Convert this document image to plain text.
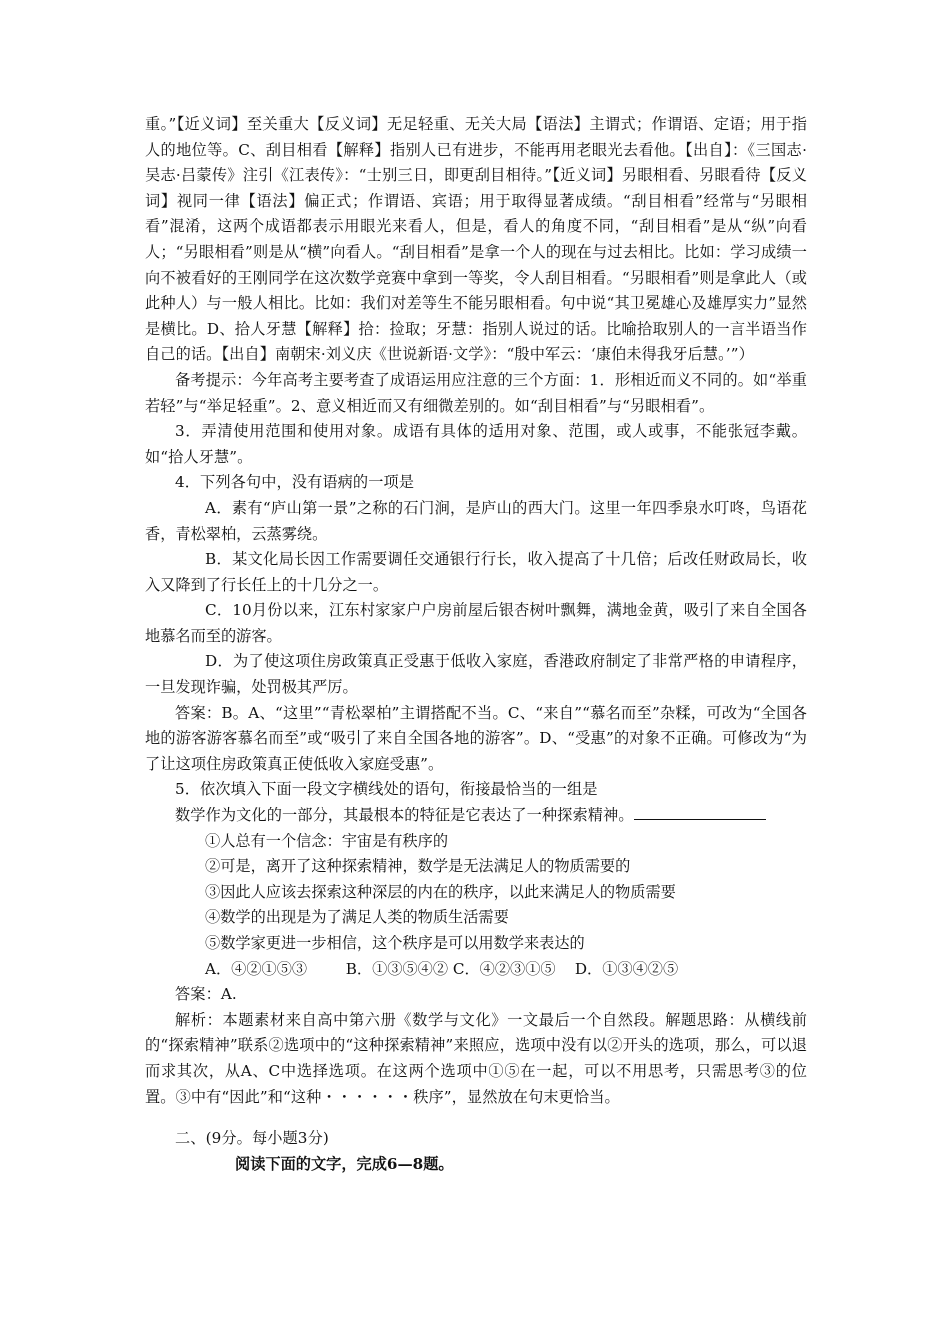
重。”【近义词】至关重大【反义词】无足轻重、无关大局【语法】主谓式；作谓语、定语；用于指人的地位等。C、刮目相看【解释】指别人已有进步，不能再用老眼光去看他。【出自】：《三国志·吴志·吕蒙传》注引《江表传》：“士别三日，即更刮目相待。”【近义词】另眼相看、另眼看待【反义词】视同一律【语法】偏正式；作谓语、宾语；用于取得显著成绩。“刮目相看”经常与“另眼相看”混淆，这两个成语都表示用眼光来看人，但是，看人的角度不同，“刮目相看”是从“纵”向看人；“另眼相看”则是从“横”向看人。“刮目相看”是拿一个人的现在与过去相比。比如：学习成绩一向不被看好的王刚同学在这次数学竞赛中拿到一等奖，令人刮目相看。“另眼相看”则是拿此人（或此种人）与一般人相比。比如：我们对差等生不能另眼相看。句中说“其卫冕雄心及雄厚实力”显然是横比。D、拾人牙慧【解释】拾：捡取；牙慧：指别人说过的话。比喻拾取别人的一言半语当作自己的话。【出自】南朝宋·刘义庆《世说新语·文学》：“殷中军云：‘康伯未得我牙后慧。’”）

备考提示：今年高考主要考查了成语运用应注意的三个方面：1．形相近而义不同的。如“举重若轻”与“举足轻重”。2、意义相近而又有细微差别的。如“刮目相看”与“另眼相看”。

3．弄清使用范围和使用对象。成语有具体的适用对象、范围，或人或事，不能张冠李戴。如“拾人牙慧”。

4．下列各句中，没有语病的一项是

A．素有“庐山第一景”之称的石门涧，是庐山的西大门。这里一年四季泉水叮咚，鸟语花香，青松翠柏，云蒸雾绕。

B．某文化局长因工作需要调任交通银行行长，收入提高了十几倍；后改任财政局长，收入又降到了行长任上的十几分之一。

C．10月份以来，江东村家家户户房前屋后银杏树叶飘舞，满地金黄，吸引了来自全国各地慕名而至的游客。

D．为了使这项住房政策真正受惠于低收入家庭，香港政府制定了非常严格的申请程序，一旦发现诈骗，处罚极其严厉。

答案：B。A、“这里”“青松翠柏”主谓搭配不当。C、“来自”“慕名而至”杂糅，可改为“全国各地的游客游客慕名而至”或“吸引了来自全国各地的游客”。D、“受惠”的对象不正确。可修改为“为了让这项住房政策真正使低收入家庭受惠”。

5．依次填入下面一段文字横线处的语句，衔接最恰当的一组是

数学作为文化的一部分，其最根本的特征是它表达了一种探索精神。

①人总有一个信念：宇宙是有秩序的

②可是，离开了这种探索精神，数学是无法满足人的物质需要的

③因此人应该去探索这种深层的内在的秩序，以此来满足人的物质需要

④数学的出现是为了满足人类的物质生活需要

⑤数学家更进一步相信，这个秩序是可以用数学来表达的

A．④②①⑤③        B．①③⑤④② C．④②③①⑤    D．①③④②⑤

答案：A.

解析：本题素材来自高中第六册《数学与文化》一文最后一个自然段。解题思路：从横线前的“探索精神”联系②选项中的“这种探索精神”来照应，选项中没有以②开头的选项，那么，可以退而求其次，从A、C中选择选项。在这两个选项中①⑤在一起，可以不用思考，只需思考③的位置。③中有“因此”和“这种・・・・・・秩序”，显然放在句末更恰当。

二、(9分。每小题3分)

阅读下面的文字，完成6—8题。
